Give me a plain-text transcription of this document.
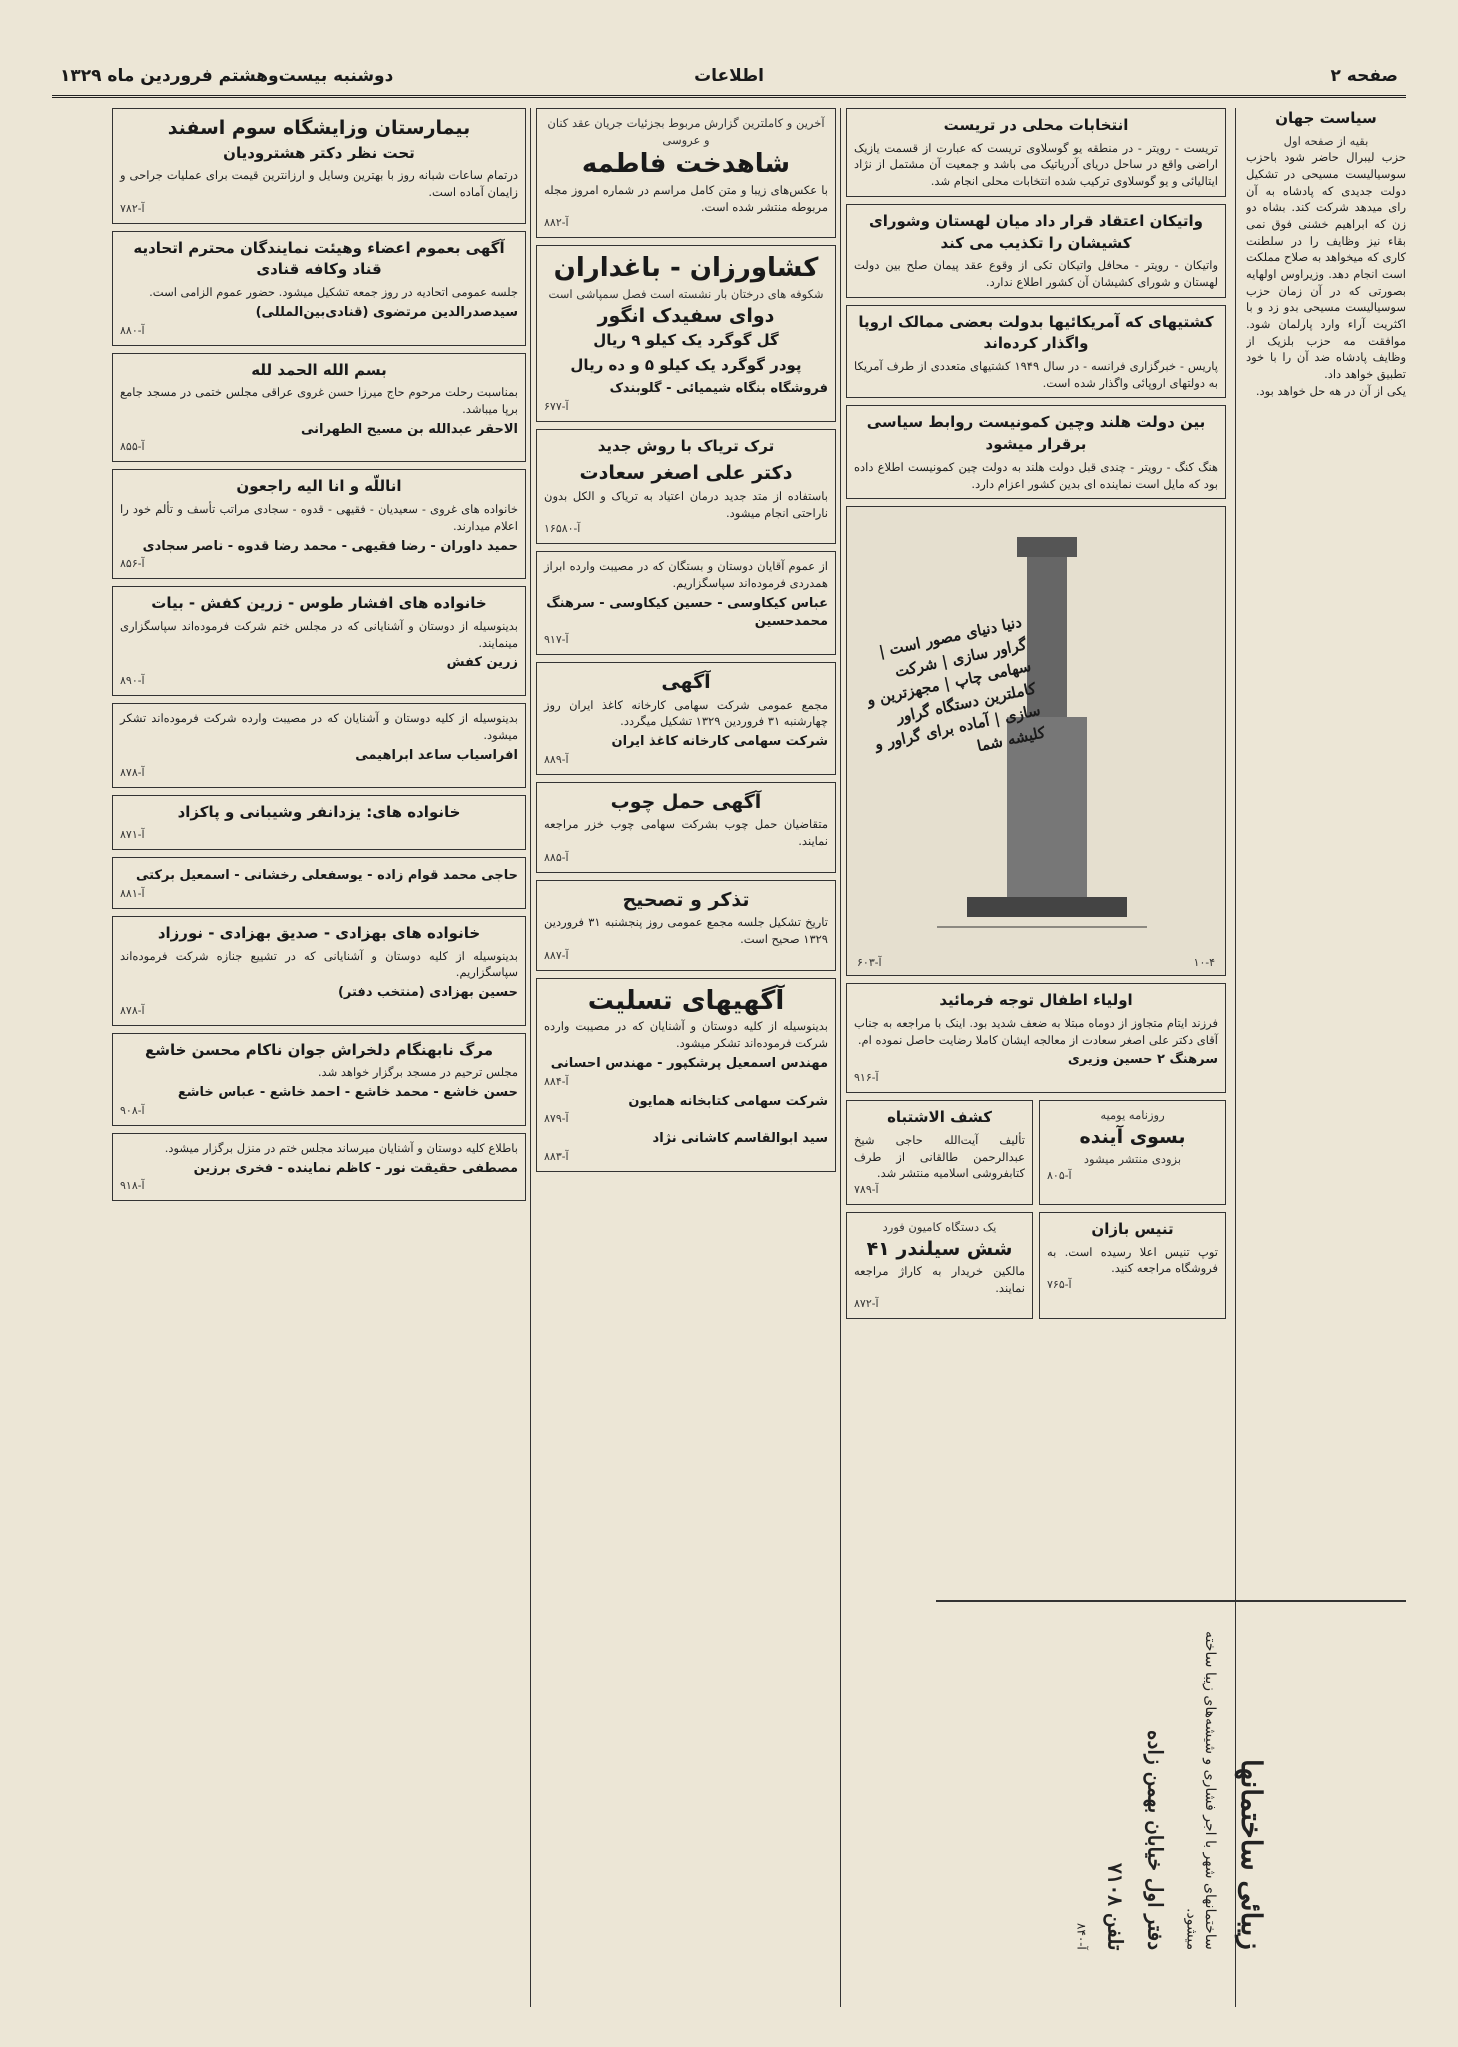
صفحه ۲
اطلاعات
دوشنبه بیست‌وهشتم فروردین ماه ۱۳۲۹
سیاست جهان
بقیه از صفحه اول

حزب لیبرال حاضر شود باحزب سوسیالیست مسیحی در تشکیل دولت جدیدی که پادشاه به آن رای میدهد شرکت کند. بشاه دو زن که ابراهیم خشنی فوق نمی بقاء نیز وظایف را در سلطنت کاری که میخواهد به صلاح مملکت است انجام دهد. وزیراوس اولهایه بصورتی که در آن زمان حزب سوسیالیست مسیحی بدو زد و با اکثریت آراء وارد پارلمان شود. موافقت مه حزب بلزیک از وظایف پادشاه ضد آن را با خود تطبیق خواهد داد.

یکی از آن در هه حل خواهد بود.

انتخابات محلی در تریست

تریست - رویتر - در منطقه یو گوسلاوی تریست که عبارت از قسمت یازیک اراضی واقع در ساحل دریای آدریاتیک می باشد و جمعیت آن مشتمل از نژاد ایتالیائی و یو گوسلاوی ترکیب شده انتخابات محلی انجام شد.

واتیکان اعتقاد قرار داد میان لهستان وشورای کشیشان را تکذیب می کند

واتیکان - رویتر - محافل واتیکان تکی از وقوع عقد پیمان صلح بین دولت لهستان و شورای کشیشان آن کشور اطلاع ندارد.

کشتیهای که آمریکائیها بدولت بعضی ممالک اروپا واگذار کرده‌اند

پاریس - خبرگزاری فرانسه - در سال ۱۹۴۹ کشتیهای متعددی از طرف آمریکا به دولتهای اروپائی واگذار شده است.

بین دولت هلند وچین کمونیست روابط سیاسی برقرار میشود

هنگ کنگ - رویتر - چندی قبل دولت هلند به دولت چین کمونیست اطلاع داده بود که مایل است نماینده ای بدین کشور اعزام دارد.

دنیا دنیای مصور است | گراور سازی | شرکت سهامی چاپ | مجهزترین و کاملترین دستگاه گراور سازی | آماده برای گراور و کلیشه شما
آ-۶۰۳	۱۰-۴
اولیاء اطفال توجه فرمائید

فرزند ایتام متجاوز از دوماه مبتلا به ضعف شدید بود. اینک با مراجعه به جناب آقای دکتر علی اصغر سعادت از معالجه ایشان کاملا رضایت حاصل نموده ام.

سرهنگ ۲ حسین وزیری
آ-۹۱۶
روزنامه یومیه
بسوی آینده
بزودی منتشر میشود
آ-۸۰۵
کشف الاشتباه

تألیف آیت‌الله حاجی شیخ عبدالرحمن طالقانی از طرف کتابفروشی اسلامیه منتشر شد.

آ-۷۸۹
تنیس بازان

توپ تنیس اعلا رسیده است. به فروشگاه مراجعه کنید.

آ-۷۶۵
یک دستگاه کامیون فورد
شش سیلندر ۴۱

مالکین خریدار به کاراژ مراجعه نمایند.

آ-۸۷۲
آخرین و کاملترین گزارش مربوط بجزئیات جریان عقد کنان و عروسی
شاهدخت فاطمه

با عکس‌های زیبا و متن کامل مراسم در شماره امروز مجله مربوطه منتشر شده است.

آ-۸۸۲
کشاورزان - باغداران
شکوفه های درختان بار نشسته است فصل سمپاشی است
دوای سفیدک انگور
گل گوگرد یک کیلو ۹ ریال
پودر گوگرد یک کیلو ۵ و ده ریال
فروشگاه بنگاه شیمیائی - گلوبندک
آ-۶۷۷
ترک تریاک با روش جدید
دکتر علی اصغر سعادت

باستفاده از متد جدید درمان اعتیاد به تریاک و الکل بدون ناراحتی انجام میشود.

آ-۱۶۵۸۰

از عموم آقایان دوستان و بستگان که در مصیبت وارده ابراز همدردی فرموده‌اند سپاسگزاریم.

عباس کیکاوسی - حسین کیکاوسی - سرهنگ محمدحسین
آ-۹۱۷
آگهی

مجمع عمومی شرکت سهامی کارخانه کاغذ ایران روز چهارشنبه ۳۱ فروردین ۱۳۲۹ تشکیل میگردد.

شرکت سهامی کارخانه کاغذ ایران
آ-۸۸۹
آگهی حمل چوب

متقاضیان حمل چوب بشرکت سهامی چوب خزر مراجعه نمایند.

آ-۸۸۵
تذکر و تصحیح

تاریخ تشکیل جلسه مجمع عمومی روز پنجشنبه ۳۱ فروردین ۱۳۲۹ صحیح است.

آ-۸۸۷
آگهیهای تسلیت

بدینوسیله از کلیه دوستان و آشنایان که در مصیبت وارده شرکت فرموده‌اند تشکر میشود.

مهندس اسمعیل پرشکپور - مهندس احسانی
آ-۸۸۴
شرکت سهامی کتابخانه همایون
آ-۸۷۹
سید ابوالقاسم کاشانی نژاد
آ-۸۸۳
بیمارستان وزایشگاه سوم اسفند
تحت نظر دکتر هشترودیان

درتمام ساعات شبانه روز با بهترین وسایل و ارزانترین قیمت برای عملیات جراحی و زایمان آماده است.

آ-۷۸۲
آگهی بعموم اعضاء وهیئت نمایندگان محترم اتحادیه قناد وکافه قنادی

جلسه عمومی اتحادیه در روز جمعه تشکیل میشود. حضور عموم الزامی است.

سیدصدرالدین مرتضوی (قنادی‌بین‌المللی)
آ-۸۸۰
بسم الله الحمد لله

بمناسبت رحلت مرحوم حاج میرزا حسن غروی عراقی مجلس ختمی در مسجد جامع برپا میباشد.

الاحقر عبدالله بن مسیح الطهرانی
آ-۸۵۵
اناللّه و انا الیه راجعون

خانواده های غروی - سعیدیان - فقیهی - قدوه - سجادی مراتب تأسف و تألم خود را اعلام میدارند.

حمید داوران - رضا فقیهی - محمد رضا قدوه - ناصر سجادی
آ-۸۵۶
خانواده های افشار طوس - زرین کفش - بیات

بدینوسیله از دوستان و آشنایانی که در مجلس ختم شرکت فرموده‌اند سپاسگزاری مینمایند.

زرین کفش
آ-۸۹۰

بدینوسیله از کلیه دوستان و آشنایان که در مصیبت وارده شرکت فرموده‌اند تشکر میشود.

افراسیاب ساعد ابراهیمی
آ-۸۷۸
خانواده های: یزدانفر وشیبانی و پاکزاد
آ-۸۷۱
حاجی محمد قوام زاده - یوسفعلی رخشانی - اسمعیل برکتی
آ-۸۸۱
خانواده های بهزادی - صدیق بهزادی - نورزاد

بدینوسیله از کلیه دوستان و آشنایانی که در تشییع جنازه شرکت فرموده‌اند سپاسگزاریم.

حسین بهزادی (منتخب دفتر)
آ-۸۷۸
مرگ نابهنگام دلخراش جوان ناکام محسن خاشع

مجلس ترحیم در مسجد برگزار خواهد شد.

حسن خاشع - محمد خاشع - احمد خاشع - عباس خاشع
آ-۹۰۸

باطلاع کلیه دوستان و آشنایان میرساند مجلس ختم در منزل برگزار میشود.

مصطفی حقیقت نور - کاظم نماینده - فخری برزین
آ-۹۱۸
زیبائی ساختمانها
ساختمانهای شهر با اجر فشاری و شیشه‌های زیبا ساخته میشود.
دفتر اول خیابان بهمن زاده
تلفن ۷۱۰۸
آ-۸۴۰
